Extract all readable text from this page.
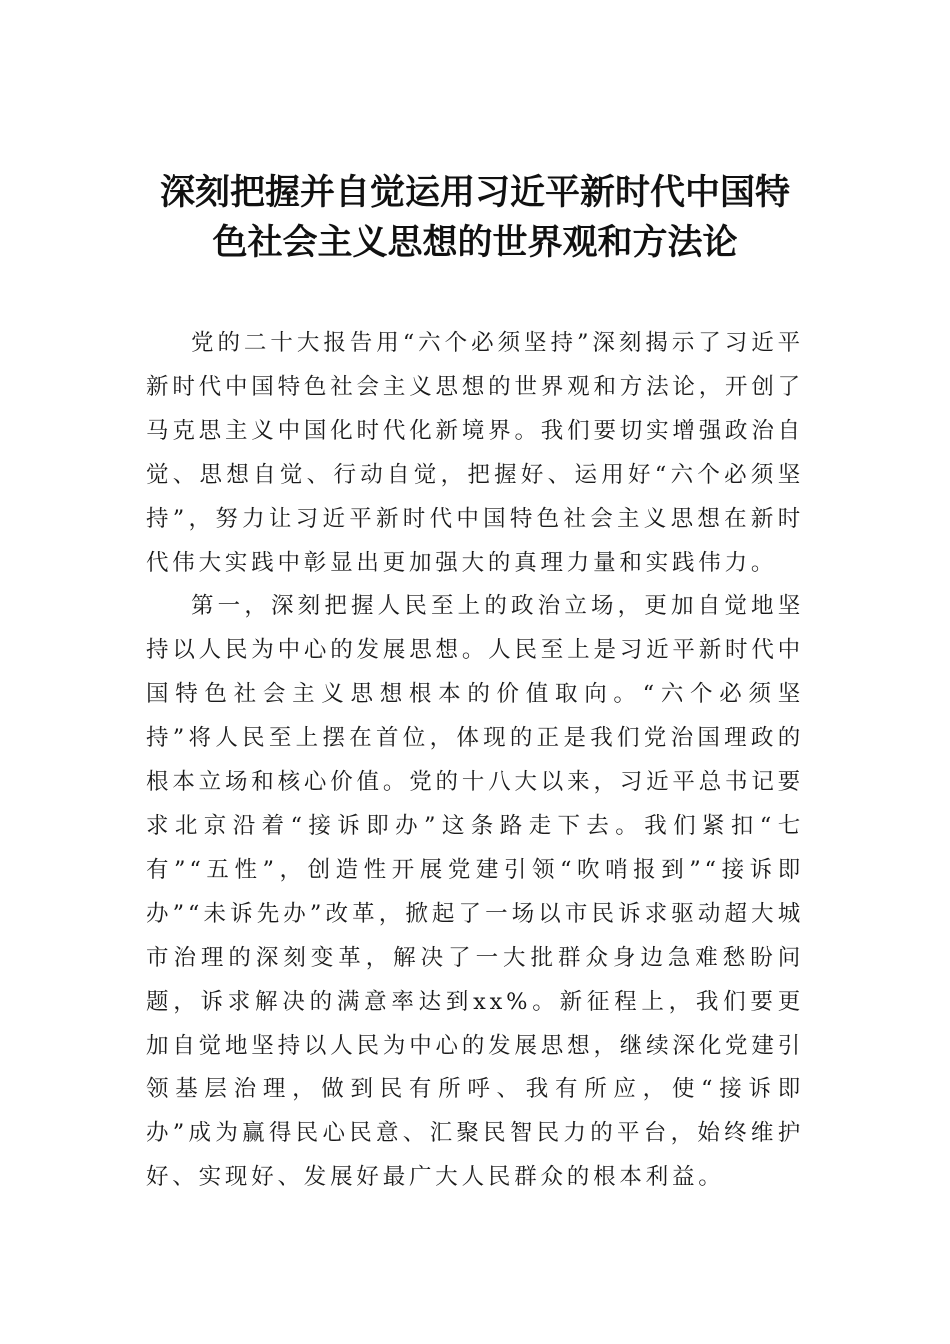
深刻把握并自觉运用习近平新时代中国特
色社会主义思想的世界观和方法论

党的二十大报告用“六个必须坚持”深刻揭示了习近平新时代中国特色社会主义思想的世界观和方法论，开创了马克思主义中国化时代化新境界。我们要切实增强政治自觉、思想自觉、行动自觉，把握好、运用好“六个必须坚持”，努力让习近平新时代中国特色社会主义思想在新时代伟大实践中彰显出更加强大的真理力量和实践伟力。

第一，深刻把握人民至上的政治立场，更加自觉地坚持以人民为中心的发展思想。人民至上是习近平新时代中国特色社会主义思想根本的价值取向。“六个必须坚持”将人民至上摆在首位，体现的正是我们党治国理政的根本立场和核心价值。党的十八大以来，习近平总书记要求北京沿着“接诉即办”这条路走下去。我们紧扣“七有”“五性”，创造性开展党建引领“吹哨报到”“接诉即办”“未诉先办”改革，掀起了一场以市民诉求驱动超大城市治理的深刻变革，解决了一大批群众身边急难愁盼问题，诉求解决的满意率达到xx%。新征程上，我们要更加自觉地坚持以人民为中心的发展思想，继续深化党建引领基层治理，做到民有所呼、我有所应，使“接诉即办”成为赢得民心民意、汇聚民智民力的平台，始终维护好、实现好、发展好最广大人民群众的根本利益。
